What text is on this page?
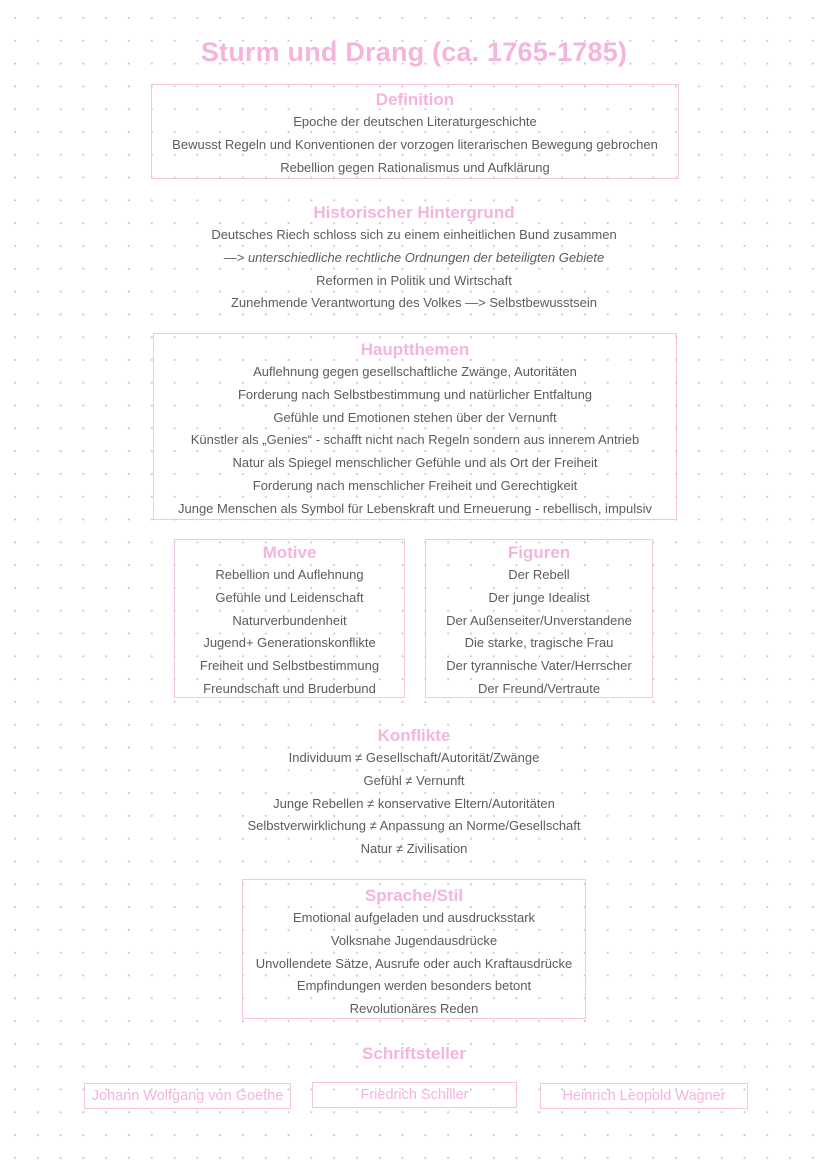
Sturm und Drang (ca. 1765-1785)
Definition
Epoche der deutschen Literaturgeschichte
Bewusst Regeln und Konventionen der vorzogen literarischen Bewegung gebrochen
Rebellion gegen Rationalismus und Aufklärung
Historischer Hintergrund
Deutsches Riech schloss sich zu einem einheitlichen Bund zusammen
—> unterschiedliche rechtliche Ordnungen der beteiligten Gebiete
Reformen in Politik und Wirtschaft
Zunehmende Verantwortung des Volkes —> Selbstbewusstsein
Hauptthemen
Auflehnung gegen gesellschaftliche Zwänge, Autoritäten
Forderung nach Selbstbestimmung und natürlicher Entfaltung
Gefühle und Emotionen stehen über der Vernunft
Künstler als „Genies“ - schafft nicht nach Regeln sondern aus innerem Antrieb
Natur als Spiegel menschlicher Gefühle und als Ort der Freiheit
Forderung nach menschlicher Freiheit und Gerechtigkeit
Junge Menschen als Symbol für Lebenskraft und Erneuerung - rebellisch, impulsiv
Motive
Rebellion und Auflehnung
Gefühle und Leidenschaft
Naturverbundenheit
Jugend+ Generationskonflikte
Freiheit und Selbstbestimmung
Freundschaft und Bruderbund
Figuren
Der Rebell
Der junge Idealist
Der Außenseiter/Unverstandene
Die starke, tragische Frau
Der tyrannische Vater/Herrscher
Der Freund/Vertraute
Konflikte
Individuum ≠ Gesellschaft/Autorität/Zwänge
Gefühl ≠ Vernunft
Junge Rebellen ≠ konservative Eltern/Autoritäten
Selbstverwirklichung ≠ Anpassung an Norme/Gesellschaft
Natur ≠ Zivilisation
Sprache/Stil
Emotional aufgeladen und ausdrucksstark
Volksnahe Jugendausdrücke
Unvollendete Sätze, Ausrufe oder auch Kraftausdrücke
Empfindungen werden besonders betont
Revolutionäres Reden
Schriftsteller
Johann Wolfgang von Goethe	Friedrich Schiller	Heinrich Leopold Wagner
